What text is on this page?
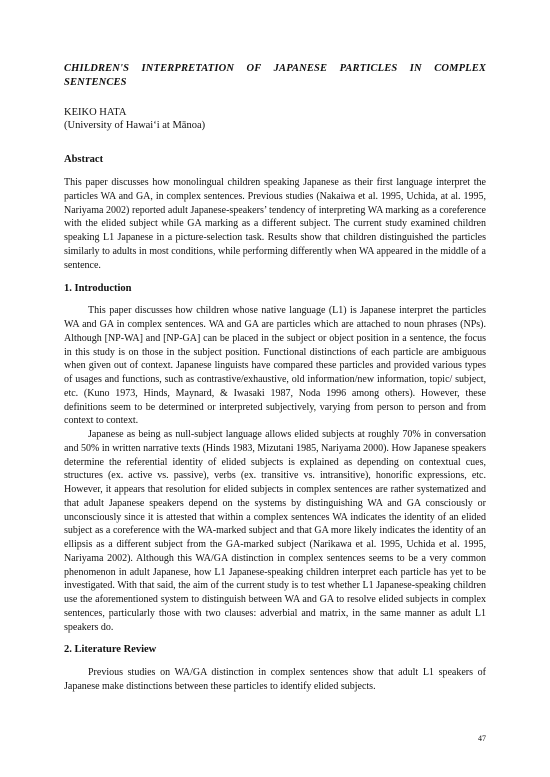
CHILDREN'S INTERPRETATION OF JAPANESE PARTICLES IN COMPLEX SENTENCES
KEIKO HATA
(University of Hawai‘i at Mānoa)
Abstract

This paper discusses how monolingual children speaking Japanese as their first language interpret the particles WA and GA, in complex sentences. Previous studies (Nakaiwa et al. 1995, Uchida, at al. 1995, Nariyama 2002) reported adult Japanese-speakers’ tendency of interpreting WA marking as a coreference with the elided subject while GA marking as a different subject. The current study examined children speaking L1 Japanese in a picture-selection task. Results show that children distinguished the particles similarly to adults in most conditions, while performing differently when WA appeared in the middle of a sentence.

1. Introduction

This paper discusses how children whose native language (L1) is Japanese interpret the particles WA and GA in complex sentences. WA and GA are particles which are attached to noun phrases (NPs). Although [NP-WA] and [NP-GA] can be placed in the subject or object position in a sentence, the focus in this study is on those in the subject position. Functional distinctions of each particle are ambiguous when given out of context. Japanese linguists have compared these particles and provided various types of usages and functions, such as contrastive/exhaustive, old information/new information, topic/ subject, etc. (Kuno 1973, Hinds, Maynard, & Iwasaki 1987, Noda 1996 among others). However, these definitions seem to be determined or interpreted subjectively, varying from person to person and from context to context.

Japanese as being as null-subject language allows elided subjects at roughly 70% in conversation and 50% in written narrative texts (Hinds 1983, Mizutani 1985, Nariyama 2000). How Japanese speakers determine the referential identity of elided subjects is explained as depending on contextual cues, structures (ex. active vs. passive), verbs (ex. transitive vs. intransitive), honorific expressions, etc. However, it appears that resolution for elided subjects in complex sentences are rather systematized and that adult Japanese speakers depend on the systems by distinguishing WA and GA consciously or unconsciously since it is attested that within a complex sentences WA indicates the identity of an elided subject as a coreference with the WA-marked subject and that GA more likely indicates the identity of an ellipsis as a different subject from the GA-marked subject (Narikawa et al. 1995, Uchida et al. 1995, Nariyama 2002). Although this WA/GA distinction in complex sentences seems to be a very common phenomenon in adult Japanese, how L1 Japanese-speaking children interpret each particle has yet to be investigated. With that said, the aim of the current study is to test whether L1 Japanese-speaking children use the aforementioned system to distinguish between WA and GA to resolve elided subjects in complex sentences, particularly those with two clauses: adverbial and matrix, in the same manner as adult L1 speakers do.

2. Literature Review

Previous studies on WA/GA distinction in complex sentences show that adult L1 speakers of Japanese make distinctions between these particles to identify elided subjects.

47
